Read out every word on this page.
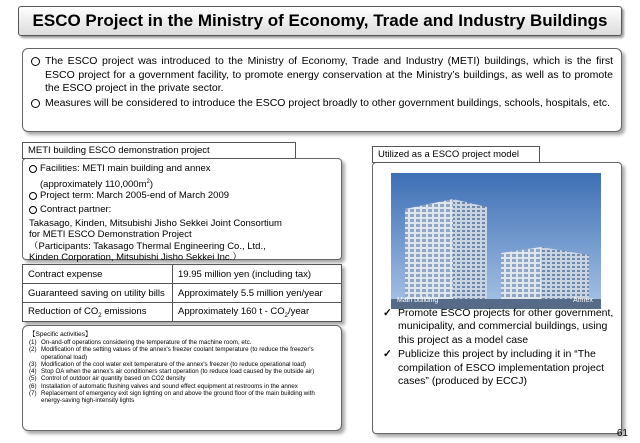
ESCO Project in the Ministry of Economy, Trade and Industry Buildings
The ESCO project was introduced to the Ministry of Economy, Trade and Industry (METI) buildings, which is the first ESCO project for a government facility, to promote energy conservation at the Ministry’s buildings, as well as to promote the ESCO project in the private sector.
Measures will be considered to introduce the ESCO project broadly to other government buildings, schools, hospitals, etc.
METI building ESCO demonstration project
Facilities: METI main building and annex
(approximately $110,000m^2$)
Project term: March 2005-end of March 2009
Contract partner:
Takasago, Kinden, Mitsubishi Jisho Sekkei Joint Consortium
for METI ESCO Demonstration Project
（Participants: Takasago Thermal Engineering Co., Ltd.,
Kinden Corporation, Mitsubishi Jisho Sekkei Inc.）
Contract expense	19.95 million yen (including tax)
Guaranteed saving on utility bills	Approximately 5.5 million yen/year
Reduction of $CO_2$ emissions	Approximately 160 t - $CO_2$/year
【Specific activities】
(1) On-and-off operations considering the temperature of the machine room, etc.
(2) Modification of the setting values of the annex's freezer coolant temperature (to reduce the freezer's operational load)
(3) Modification of the cool water exit temperature of the annex's freezer (to reduce operational load)
(4) Stop OA when the annex's air conditioners start operation (to reduce load caused by the outside air)
(5) Control of outdoor air quantity based on CO2 density
(6) Installation of automatic flushing valves and sound effect equipment at restrooms in the annex
(7) Replacement of emergency exit sign lighting on and above the ground floor of the main building with energy-saving high-intensity lights
Utilized as a ESCO project model
Main building	Annex
✓ Promote ESCO projects for other government, municipality, and commercial buildings, using this project as a model case
✓ Publicize this project by including it in “The compilation of ESCO implementation project cases” (produced by ECCJ)
61
